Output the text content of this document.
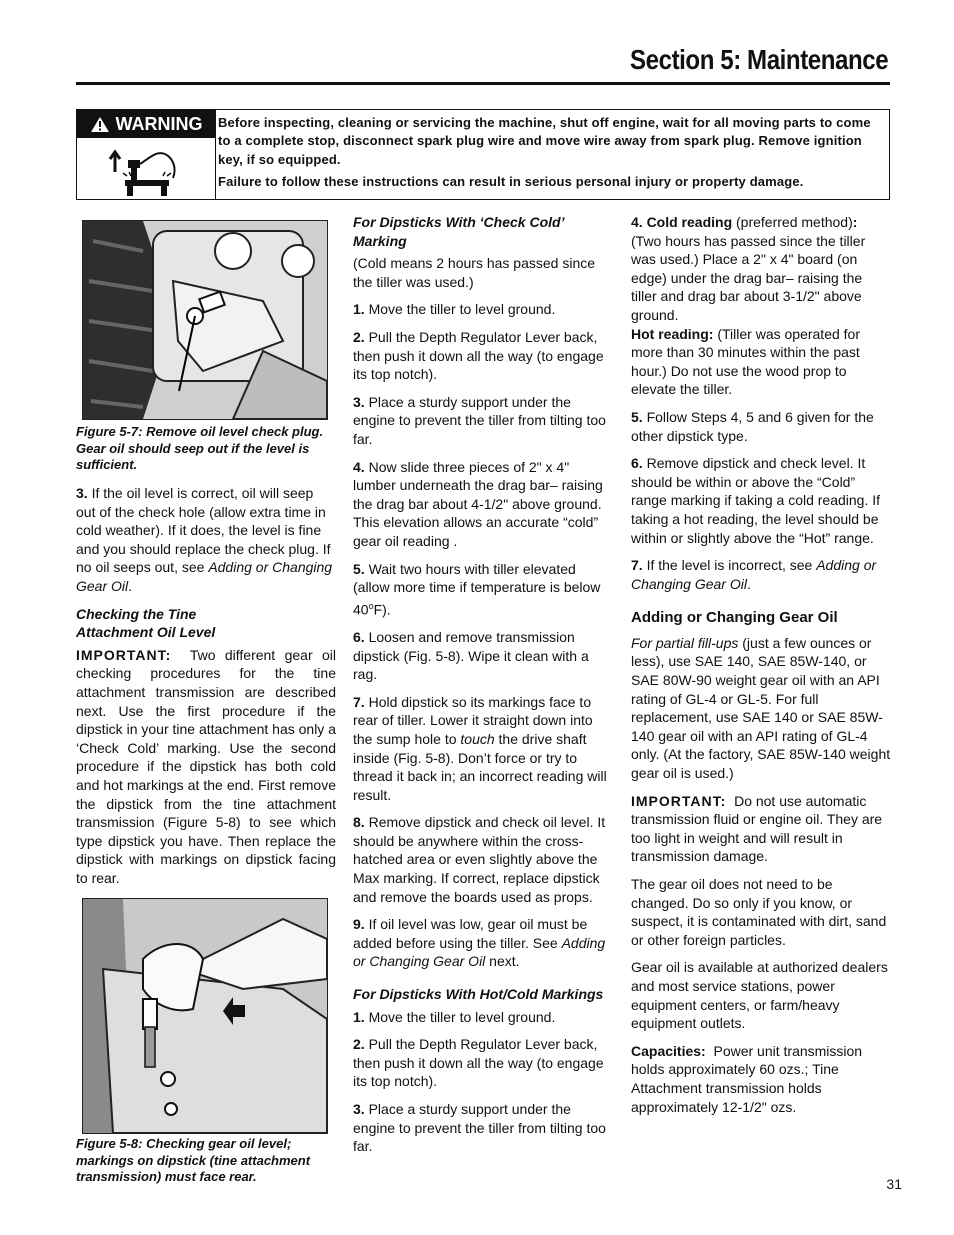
Section 5: Maintenance
WARNING Before inspecting, cleaning or servicing the machine, shut off engine, wait for all moving parts to come to a complete stop, disconnect spark plug wire and move wire away from spark plug. Remove ignition key, if so equipped.

Failure to follow these instructions can result in serious personal injury or property damage.

Figure 5-7: Remove oil level check plug. Gear oil should seep out if the level is sufficient.

3. If the oil level is correct, oil will seep out of the check hole (allow extra time in cold weather). If it does, the level is fine and you should replace the check plug. If no oil seeps out, see Adding or Changing Gear Oil.

Checking the Tine
Attachment Oil Level

IMPORTANT: Two different gear oil checking procedures for the tine attachment transmission are described next. Use the first procedure if the dipstick in your tine attachment has only a ‘Check Cold’ marking. Use the second procedure if the dipstick has both cold and hot markings at the end. First remove the dipstick from the tine attachment transmission (Figure 5-8) to see which type dipstick you have. Then replace the dipstick with markings on dipstick facing to rear.

Figure 5-8: Checking gear oil level; markings on dipstick (tine attachment transmission) must face rear.

For Dipsticks With ‘Check Cold’ Marking

(Cold means 2 hours has passed since the tiller was used.)

1. Move the tiller to level ground.

2. Pull the Depth Regulator Lever back, then push it down all the way (to engage its top notch).

3. Place a sturdy support under the engine to prevent the tiller from tilting too far.

4. Now slide three pieces of 2" x 4" lumber underneath the drag bar– raising the drag bar about 4-1/2" above ground. This elevation allows an accurate “cold” gear oil reading .

5. Wait two hours with tiller elevated (allow more time if temperature is below 40$^o$F).

6. Loosen and remove transmission dipstick (Fig. 5-8). Wipe it clean with a rag.

7. Hold dipstick so its markings face to rear of tiller. Lower it straight down into the sump hole to touch the drive shaft inside (Fig. 5-8). Don’t force or try to thread it back in; an incorrect reading will result.

8. Remove dipstick and check oil level. It should be anywhere within the cross-hatched area or even slightly above the Max marking. If correct, replace dipstick and remove the boards used as props.

9. If oil level was low, gear oil must be added before using the tiller. See Adding or Changing Gear Oil next.

For Dipsticks With Hot/Cold Markings

1. Move the tiller to level ground.

2. Pull the Depth Regulator Lever back, then push it down all the way (to engage its top notch).

3. Place a sturdy support under the engine to prevent the tiller from tilting too far.

4. Cold reading (preferred method): (Two hours has passed since the tiller was used.) Place a 2" x 4" board (on edge) under the drag bar– raising the tiller and drag bar about 3-1/2" above ground.
Hot reading: (Tiller was operated for more than 30 minutes within the past hour.) Do not use the wood prop to elevate the tiller.

5. Follow Steps 4, 5 and 6 given for the other dipstick type.

6. Remove dipstick and check level. It should be within or above the “Cold” range marking if taking a cold reading. If taking a hot reading, the level should be within or slightly above the “Hot” range.

7. If the level is incorrect, see Adding or Changing Gear Oil.

Adding or Changing Gear Oil

For partial fill-ups (just a few ounces or less), use SAE 140, SAE 85W-140, or SAE 80W-90 weight gear oil with an API rating of GL-4 or GL-5. For full replacement, use SAE 140 or SAE 85W-140 gear oil with an API rating of GL-4 only. (At the factory, SAE 85W-140 weight gear oil is used.)

IMPORTANT: Do not use automatic transmission fluid or engine oil. They are too light in weight and will result in transmission damage.

The gear oil does not need to be changed. Do so only if you know, or suspect, it is contaminated with dirt, sand or other foreign particles.

Gear oil is available at authorized dealers and most service stations, power equipment centers, or farm/heavy equipment outlets.

Capacities: Power unit transmission holds approximately 60 ozs.; Tine Attachment transmission holds approximately 12-1/2" ozs.

31
